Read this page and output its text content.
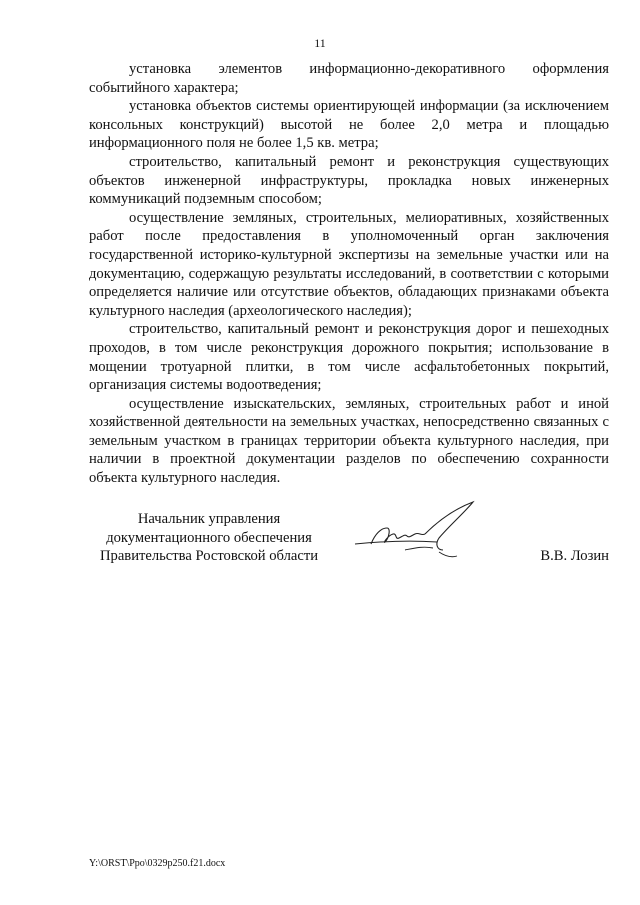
11

установка элементов информационно-декоративного оформления событийного характера;

установка объектов системы ориентирующей информации (за исключением консольных конструкций) высотой не более 2,0 метра и площадью информационного поля не более 1,5 кв. метра;

строительство, капитальный ремонт и реконструкция существующих объектов инженерной инфраструктуры, прокладка новых инженерных коммуникаций подземным способом;

осуществление земляных, строительных, мелиоративных, хозяйственных работ после предоставления в уполномоченный орган заключения государственной историко-культурной экспертизы на земельные участки или на документацию, содержащую результаты исследований, в соответствии с которыми определяется наличие или отсутствие объектов, обладающих признаками объекта культурного наследия (археологического наследия);

строительство, капитальный ремонт и реконструкция дорог и пешеходных проходов, в том числе реконструкция дорожного покрытия; использование в мощении тротуарной плитки, в том числе асфальтобетонных покрытий, организация системы водоотведения;

осуществление изыскательских, земляных, строительных работ и иной хозяйственной деятельности на земельных участках, непосредственно связанных с земельным участком в границах территории объекта культурного наследия, при наличии в проектной документации разделов по обеспечению сохранности объекта культурного наследия.

Начальник управления
документационного обеспечения
Правительства Ростовской области	В.В. Лозин
Y:\ORST\Ppo\0329p250.f21.docx
